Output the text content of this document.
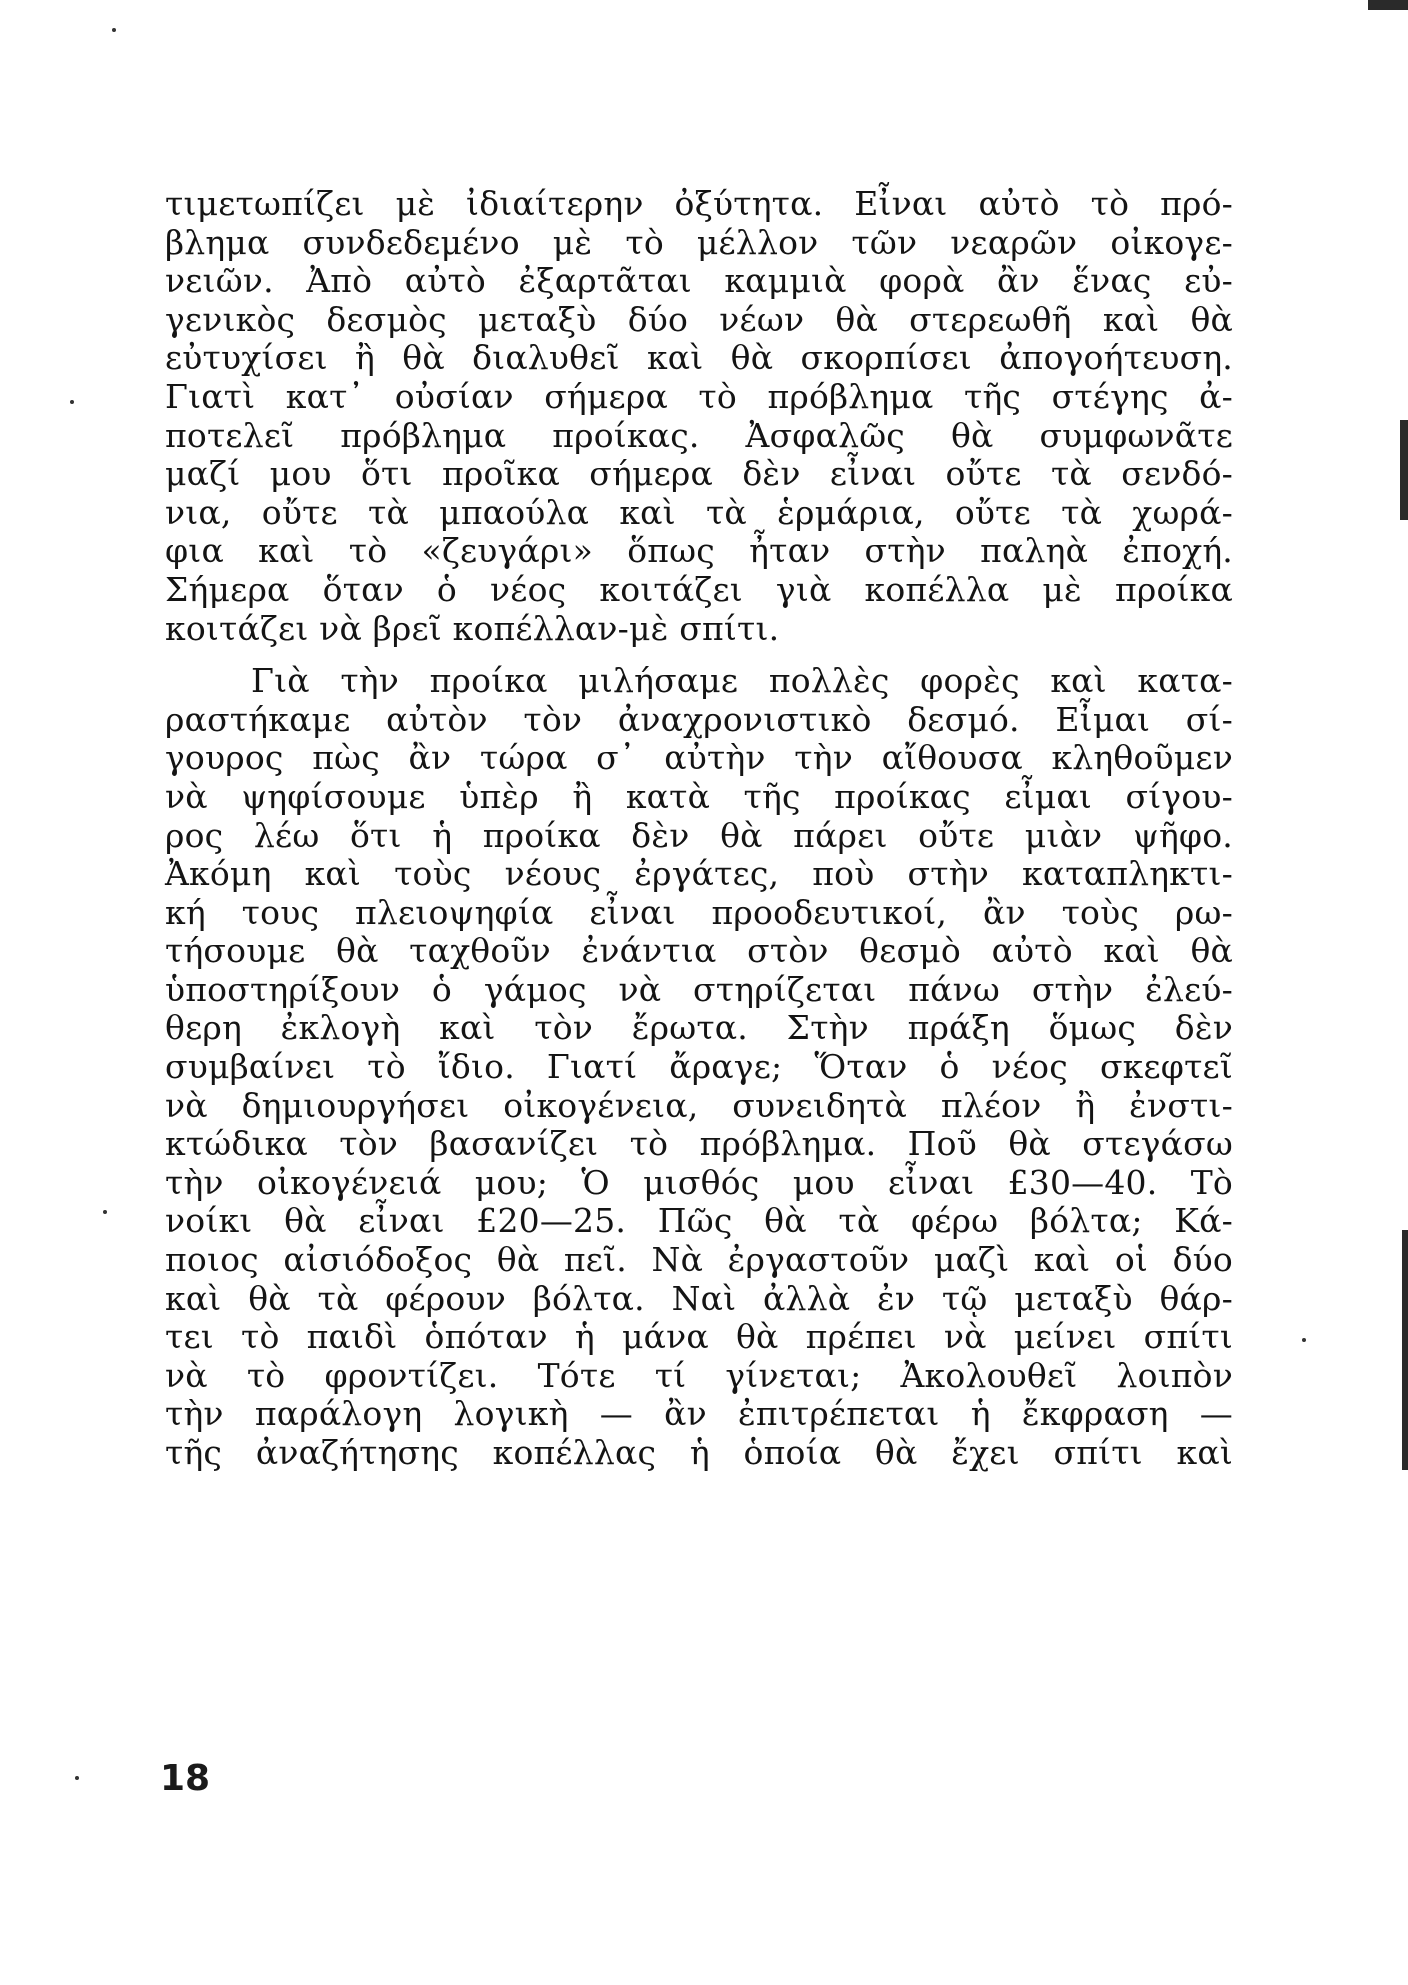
τιμετωπίζει μὲ ἰδιαίτερην ὀξύτητα. Εἶναι αὐτὸ τὸ πρό-
βλημα συνδεδεμένο μὲ τὸ μέλλον τῶν νεαρῶν οἰκογε-
νειῶν. Ἀπὸ αὐτὸ ἐξαρτᾶται καμμιὰ φορὰ ἂν ἕνας εὐ-
γενικὸς δεσμὸς μεταξὺ δύο νέων θὰ στερεωθῆ καὶ θὰ
εὐτυχίσει ἢ θὰ διαλυθεῖ καὶ θὰ σκορπίσει ἀπογοήτευση.
Γιατὶ κατ᾽ οὐσίαν σήμερα τὸ πρόβλημα τῆς στέγης ἀ-
ποτελεῖ πρόβλημα προίκας. Ἀσφαλῶς θὰ συμφωνᾶτε
μαζί μου ὅτι προῖκα σήμερα δὲν εἶναι οὔτε τὰ σενδό-
νια, οὔτε τὰ μπαούλα καὶ τὰ ἑρμάρια, οὔτε τὰ χωρά-
φια καὶ τὸ «ζευγάρι» ὅπως ἦταν στὴν παληὰ ἐποχή.
Σήμερα ὅταν ὁ νέος κοιτάζει γιὰ κοπέλλα μὲ προίκα
κοιτάζει νὰ βρεῖ κοπέλλαν-μὲ σπίτι.
Γιὰ τὴν προίκα μιλήσαμε πολλὲς φορὲς καὶ κατα-
ραστήκαμε αὐτὸν τὸν ἀναχρονιστικὸ δεσμό. Εἶμαι σί-
γουρος πὼς ἂν τώρα σ᾽ αὐτὴν τὴν αἴθουσα κληθοῦμεν
νὰ ψηφίσουμε ὑπὲρ ἢ κατὰ τῆς προίκας εἶμαι σίγου-
ρος λέω ὅτι ἡ προίκα δὲν θὰ πάρει οὔτε μιὰν ψῆφο.
Ἀκόμη καὶ τοὺς νέους ἐργάτες, ποὺ στὴν καταπληκτι-
κή τους πλειοψηφία εἶναι προοδευτικοί, ἂν τοὺς ρω-
τήσουμε θὰ ταχθοῦν ἐνάντια στὸν θεσμὸ αὐτὸ καὶ θὰ
ὑποστηρίξουν ὁ γάμος νὰ στηρίζεται πάνω στὴν ἐλεύ-
θερη ἐκλογὴ καὶ τὸν ἔρωτα. Στὴν πράξη ὅμως δὲν
συμβαίνει τὸ ἴδιο. Γιατί ἄραγε; Ὅταν ὁ νέος σκεφτεῖ
νὰ δημιουργήσει οἰκογένεια, συνειδητὰ πλέον ἢ ἐνστι-
κτώδικα τὸν βασανίζει τὸ πρόβλημα. Ποῦ θὰ στεγάσω
τὴν οἰκογένειά μου; Ὁ μισθός μου εἶναι £30—40. Τὸ
νοίκι θὰ εἶναι £20—25. Πῶς θὰ τὰ φέρω βόλτα; Κά-
ποιος αἰσιόδοξος θὰ πεῖ. Νὰ ἐργαστοῦν μαζὶ καὶ οἱ δύο
καὶ θὰ τὰ φέρουν βόλτα. Ναὶ ἀλλὰ ἐν τῷ μεταξὺ θάρ-
τει τὸ παιδὶ ὁπόταν ἡ μάνα θὰ πρέπει νὰ μείνει σπίτι
νὰ τὸ φροντίζει. Τότε τί γίνεται; Ἀκολουθεῖ λοιπὸν
τὴν παράλογη λογικὴ — ἂν ἐπιτρέπεται ἡ ἔκφραση —
τῆς ἀναζήτησης κοπέλλας ἡ ὁποία θὰ ἔχει σπίτι καὶ
18
